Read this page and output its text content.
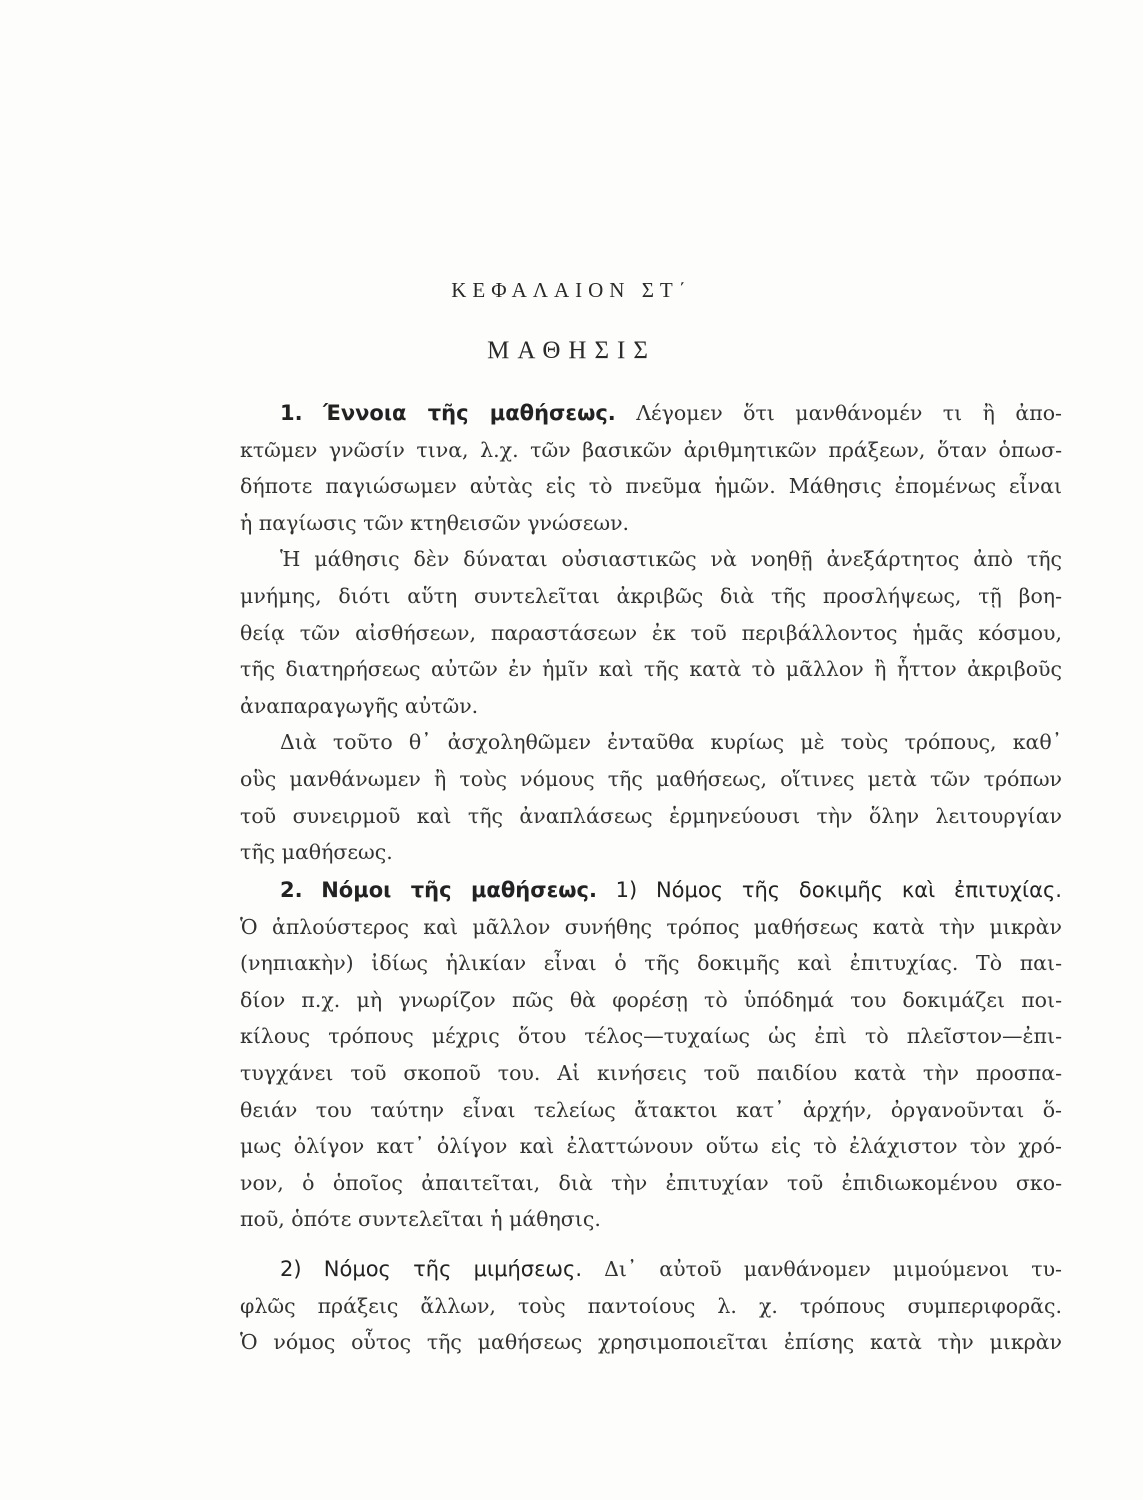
ΚΕΦΑΛΑΙΟΝ ΣΤ΄
ΜΑΘΗΣΙΣ
1. Έννοια τῆς μαθήσεως. Λέγομεν ὅτι μανθάνομέν τι ἢ ἀπο-
κτῶμεν γνῶσίν τινα, λ.χ. τῶν βασικῶν ἀριθμητικῶν πράξεων, ὅταν ὁπωσ-
δήποτε παγιώσωμεν αὐτὰς εἰς τὸ πνεῦμα ἡμῶν. Μάθησις ἐπομένως εἶναι
ἡ παγίωσις τῶν κτηθεισῶν γνώσεων.
Ἡ μάθησις δὲν δύναται οὐσιαστικῶς νὰ νοηθῇ ἀνεξάρτητος ἀπὸ τῆς
μνήμης, διότι αὕτη συντελεῖται ἀκριβῶς διὰ τῆς προσλήψεως, τῇ βοη-
θείᾳ τῶν αἰσθήσεων, παραστάσεων ἐκ τοῦ περιβάλλοντος ἡμᾶς κόσμου,
τῆς διατηρήσεως αὐτῶν ἐν ἡμῖν καὶ τῆς κατὰ τὸ μᾶλλον ἢ ἧττον ἀκριβοῦς
ἀναπαραγωγῆς αὐτῶν.
Διὰ τοῦτο θ᾿ ἀσχοληθῶμεν ἐνταῦθα κυρίως μὲ τοὺς τρόπους, καθ᾿
οὓς μανθάνωμεν ἢ τοὺς νόμους τῆς μαθήσεως, οἵτινες μετὰ τῶν τρόπων
τοῦ συνειρμοῦ καὶ τῆς ἀναπλάσεως ἑρμηνεύουσι τὴν ὅλην λειτουργίαν
τῆς μαθήσεως.
2. Νόμοι τῆς μαθήσεως. 1) Νόμος τῆς δοκιμῆς καὶ ἐπιτυχίας.
Ὁ ἁπλούστερος καὶ μᾶλλον συνήθης τρόπος μαθήσεως κατὰ τὴν μικρὰν
(νηπιακὴν) ἰδίως ἡλικίαν εἶναι ὁ τῆς δοκιμῆς καὶ ἐπιτυχίας. Τὸ παι-
δίον π.χ. μὴ γνωρίζον πῶς θὰ φορέσῃ τὸ ὑπόδημά του δοκιμάζει ποι-
κίλους τρόπους μέχρις ὅτου τέλος—τυχαίως ὡς ἐπὶ τὸ πλεῖστον—ἐπι-
τυγχάνει τοῦ σκοποῦ του. Αἱ κινήσεις τοῦ παιδίου κατὰ τὴν προσπα-
θειάν του ταύτην εἶναι τελείως ἄτακτοι κατ᾿ ἀρχήν, ὀργανοῦνται ὅ-
μως ὀλίγον κατ᾿ ὀλίγον καὶ ἐλαττώνουν οὕτω εἰς τὸ ἐλάχιστον τὸν χρό-
νον, ὁ ὁποῖος ἀπαιτεῖται, διὰ τὴν ἐπιτυχίαν τοῦ ἐπιδιωκομένου σκο-
ποῦ, ὁπότε συντελεῖται ἡ μάθησις.
2) Νόμος τῆς μιμήσεως. Δι᾿ αὐτοῦ μανθάνομεν μιμούμενοι τυ-
φλῶς πράξεις ἄλλων, τοὺς παντοίους λ. χ. τρόπους συμπεριφορᾶς.
Ὁ νόμος οὗτος τῆς μαθήσεως χρησιμοποιεῖται ἐπίσης κατὰ τὴν μικρὰν
